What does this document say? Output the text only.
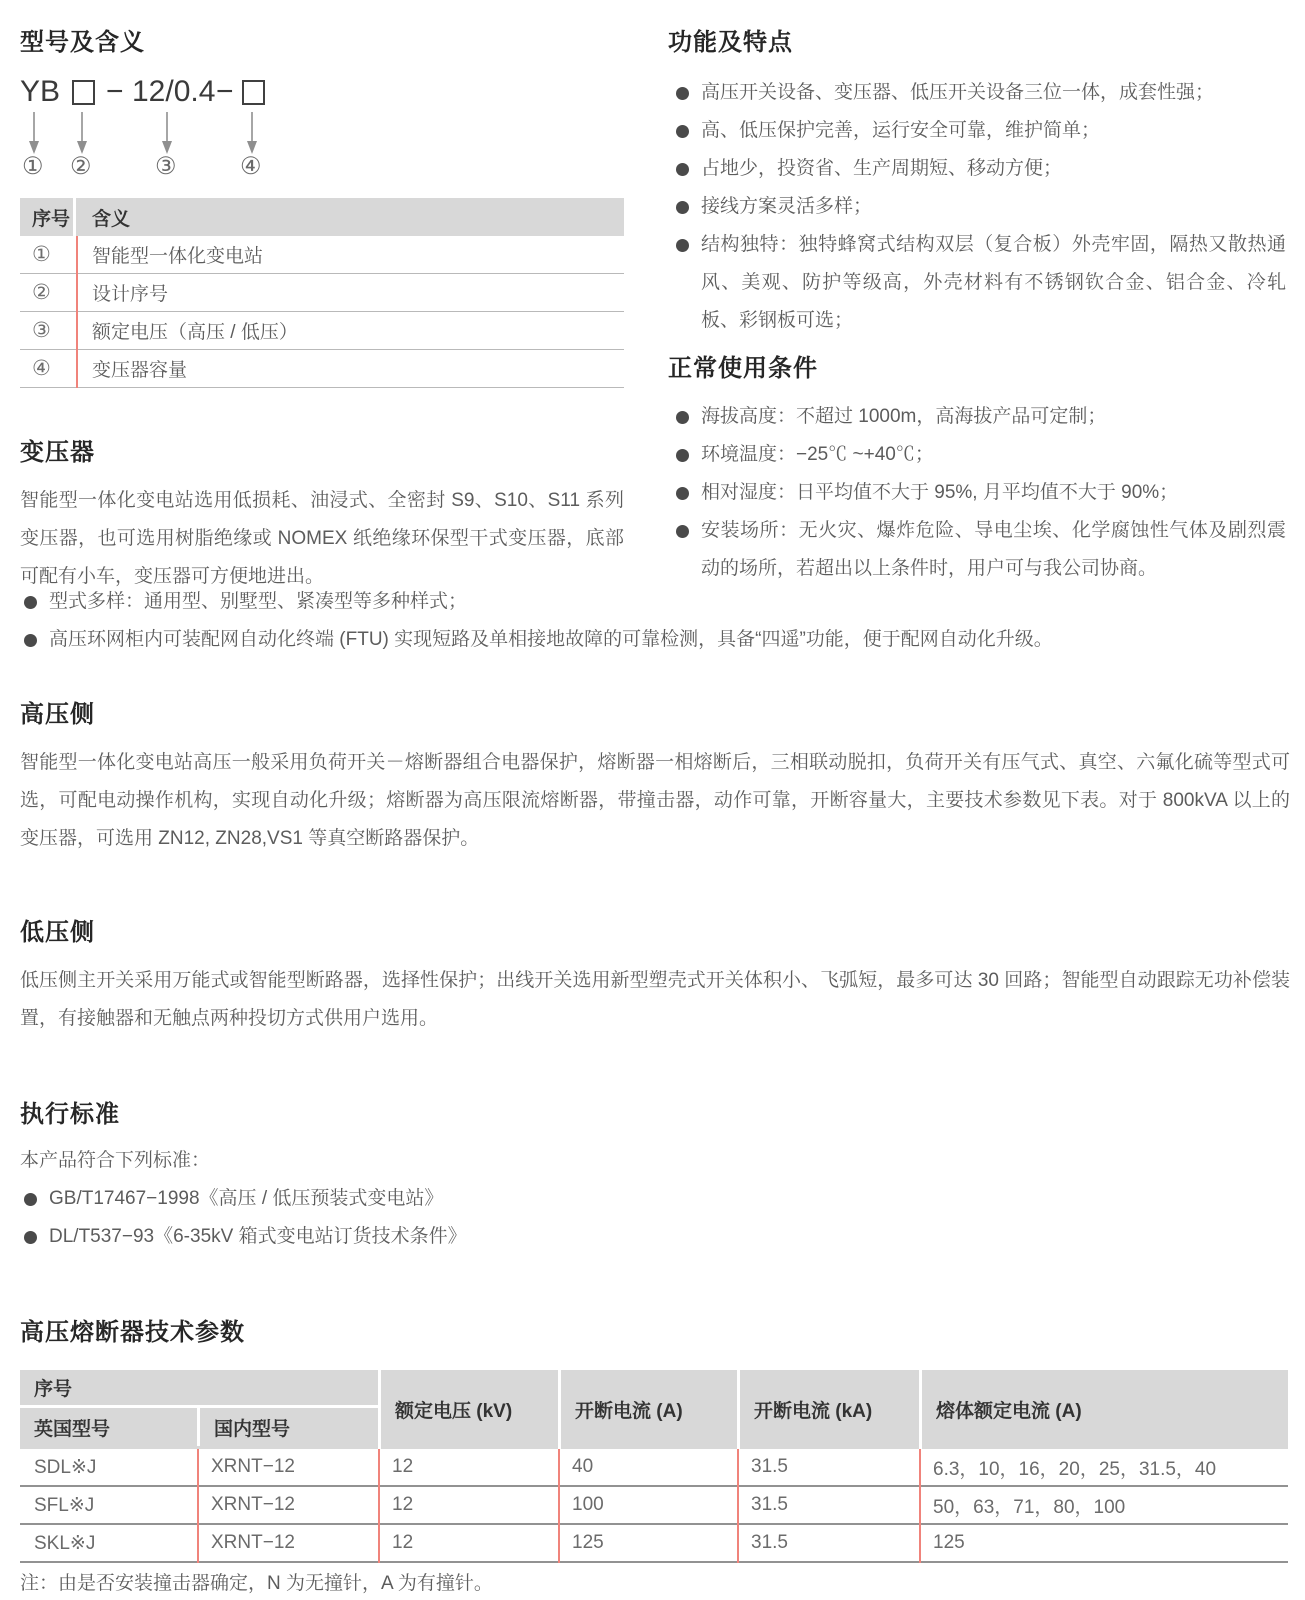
型号及含义
YB − 12/0.4 −
① ②	③	④
序号	含义
①	智能型一体化变电站
②	设计序号
③	额定电压（高压 / 低压）
④	变压器容量
变压器

智能型一体化变电站选用低损耗、油浸式、全密封 S9、S10、S11 系列变压器，也可选用树脂绝缘或 NOMEX 纸绝缘环保型干式变压器，底部可配有小车，变压器可方便地进出。

功能及特点
高压开关设备、变压器、低压开关设备三位一体，成套性强；
高、低压保护完善，运行安全可靠，维护简单；
占地少，投资省、生产周期短、移动方便；
接线方案灵活多样；
结构独特：独特蜂窝式结构双层（复合板）外壳牢固，隔热又散热通风、美观、防护等级高，外壳材料有不锈钢钦合金、铝合金、冷轧板、彩钢板可选；
正常使用条件
海拔高度：不超过 1000m，高海拔产品可定制；
环境温度：−25℃ ~+40℃；
相对湿度：日平均值不大于 95%, 月平均值不大于 90%；
安装场所：无火灾、爆炸危险、导电尘埃、化学腐蚀性气体及剧烈震动的场所，若超出以上条件时，用户可与我公司协商。
型式多样：通用型、别墅型、紧凑型等多种样式；
高压环网柜内可装配网自动化终端 (FTU) 实现短路及单相接地故障的可靠检测，具备“四遥”功能，便于配网自动化升级。
高压侧

智能型一体化变电站高压一般采用负荷开关－熔断器组合电器保护，熔断器一相熔断后，三相联动脱扣，负荷开关有压气式、真空、六氟化硫等型式可选，可配电动操作机构，实现自动化升级；熔断器为高压限流熔断器，带撞击器，动作可靠，开断容量大，主要技术参数见下表。对于 800kVA 以上的变压器，可选用 ZN12, ZN28,VS1 等真空断路器保护。

低压侧

低压侧主开关采用万能式或智能型断路器，选择性保护；出线开关选用新型塑壳式开关体积小、飞弧短，最多可达 30 回路；智能型自动跟踪无功补偿装置，有接触器和无触点两种投切方式供用户选用。

执行标准

本产品符合下列标准：

GB/T17467−1998《高压 / 低压预装式变电站》
DL/T537−93《6-35kV 箱式变电站订货技术条件》
高压熔断器技术参数
序号
英国型号	国内型号
额定电压 (kV)	开断电流 (A)	开断电流 (kA)	熔体额定电流 (A)
SDL※J	XRNT−12	12	40	31.5	6.3，10，16，20，25，31.5，40
SFL※J	XRNT−12	12	100	31.5	50，63，71，80，100
SKL※J	XRNT−12	12	125	31.5	125

注：由是否安装撞击器确定，N 为无撞针，A 为有撞针。
